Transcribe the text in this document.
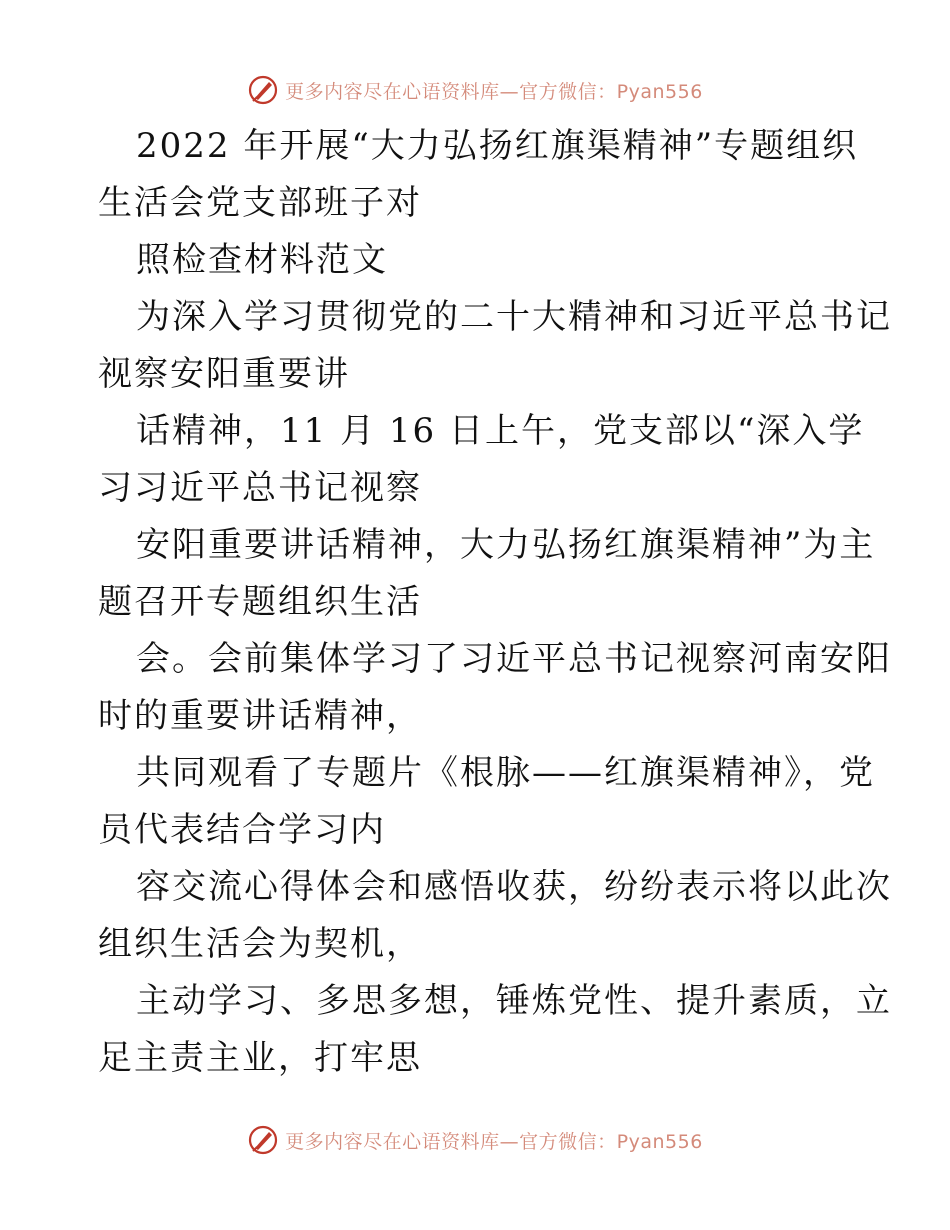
更多内容尽在心语资料库—官方微信：Pyan556
2022 年开展“大力弘扬红旗渠精神”专题组织
生活会党支部班子对
照检查材料范文
为深入学习贯彻党的二十大精神和习近平总书记
视察安阳重要讲
话精神，11 月 16 日上午，党支部以“深入学
习习近平总书记视察
安阳重要讲话精神，大力弘扬红旗渠精神”为主
题召开专题组织生活
会。会前集体学习了习近平总书记视察河南安阳
时的重要讲话精神，
共同观看了专题片《根脉——红旗渠精神》，党
员代表结合学习内
容交流心得体会和感悟收获，纷纷表示将以此次
组织生活会为契机，
主动学习、多思多想，锤炼党性、提升素质，立
足主责主业，打牢思
更多内容尽在心语资料库—官方微信：Pyan556
